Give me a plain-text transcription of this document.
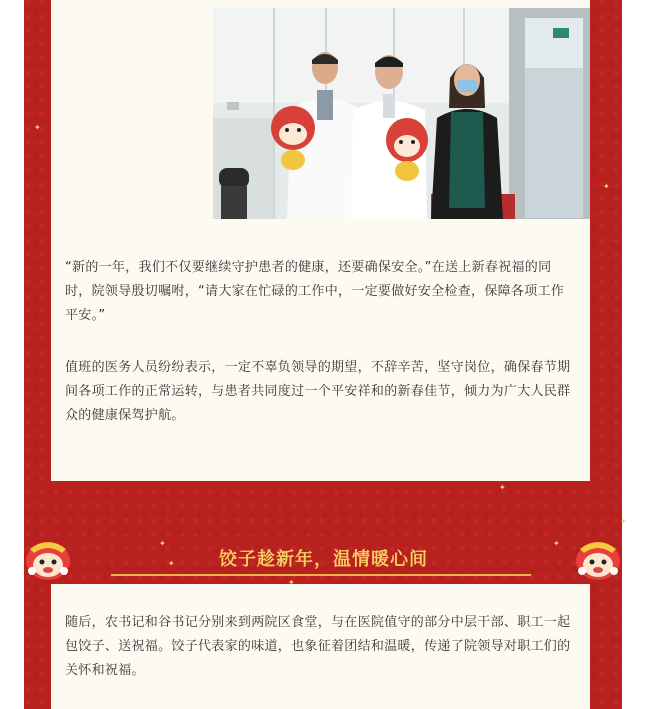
“新的一年，我们不仅要继续守护患者的健康，还要确保安全。”在送上新春祝福的同时，院领导殷切嘱咐，“请大家在忙碌的工作中，一定要做好安全检查，保障各项工作平安。”

值班的医务人员纷纷表示，一定不辜负领导的期望，不辞辛苦，坚守岗位，确保春节期间各项工作的正常运转，与患者共同度过一个平安祥和的新春佳节，倾力为广大人民群众的健康保驾护航。

饺子趁新年，温情暖心间

随后，农书记和谷书记分别来到两院区食堂，与在医院值守的部分中层干部、职工一起包饺子、送祝福。饺子代表家的味道，也象征着团结和温暖，传递了院领导对职工们的关怀和祝福。

✦
✦
✦
✦
✦
✦
✦
✦
